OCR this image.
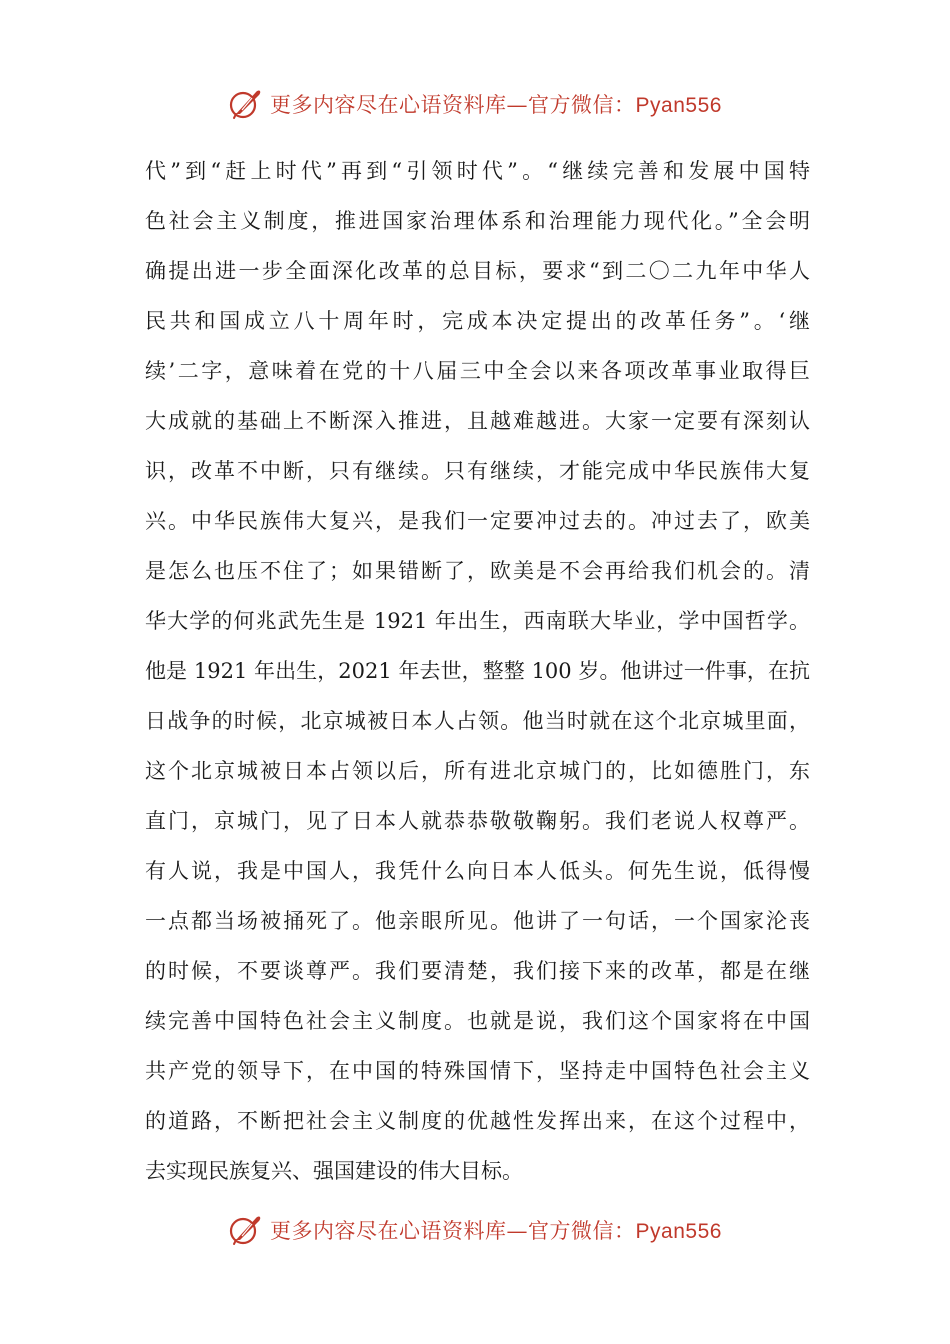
更多内容尽在心语资料库—官方微信：Pyan556
代”到“赶上时代”再到“引领时代”。“继续完善和发展中国特
色社会主义制度，推进国家治理体系和治理能力现代化。”全会明
确提出进一步全面深化改革的总目标，要求“到二〇二九年中华人
民共和国成立八十周年时，完成本决定提出的改革任务”。‘继
续’二字，意味着在党的十八届三中全会以来各项改革事业取得巨
大成就的基础上不断深入推进，且越难越进。大家一定要有深刻认
识，改革不中断，只有继续。只有继续，才能完成中华民族伟大复
兴。中华民族伟大复兴，是我们一定要冲过去的。冲过去了，欧美
是怎么也压不住了；如果错断了，欧美是不会再给我们机会的。清
华大学的何兆武先生是 1921 年出生，西南联大毕业，学中国哲学。
他是 1921 年出生，2021 年去世，整整 100 岁。他讲过一件事，在抗
日战争的时候，北京城被日本人占领。他当时就在这个北京城里面，
这个北京城被日本占领以后，所有进北京城门的，比如德胜门，东
直门，京城门，见了日本人就恭恭敬敬鞠躬。我们老说人权尊严。
有人说，我是中国人，我凭什么向日本人低头。何先生说，低得慢
一点都当场被捅死了。他亲眼所见。他讲了一句话，一个国家沦丧
的时候，不要谈尊严。我们要清楚，我们接下来的改革，都是在继
续完善中国特色社会主义制度。也就是说，我们这个国家将在中国
共产党的领导下，在中国的特殊国情下，坚持走中国特色社会主义
的道路，不断把社会主义制度的优越性发挥出来，在这个过程中，
去实现民族复兴、强国建设的伟大目标。
更多内容尽在心语资料库—官方微信：Pyan556
